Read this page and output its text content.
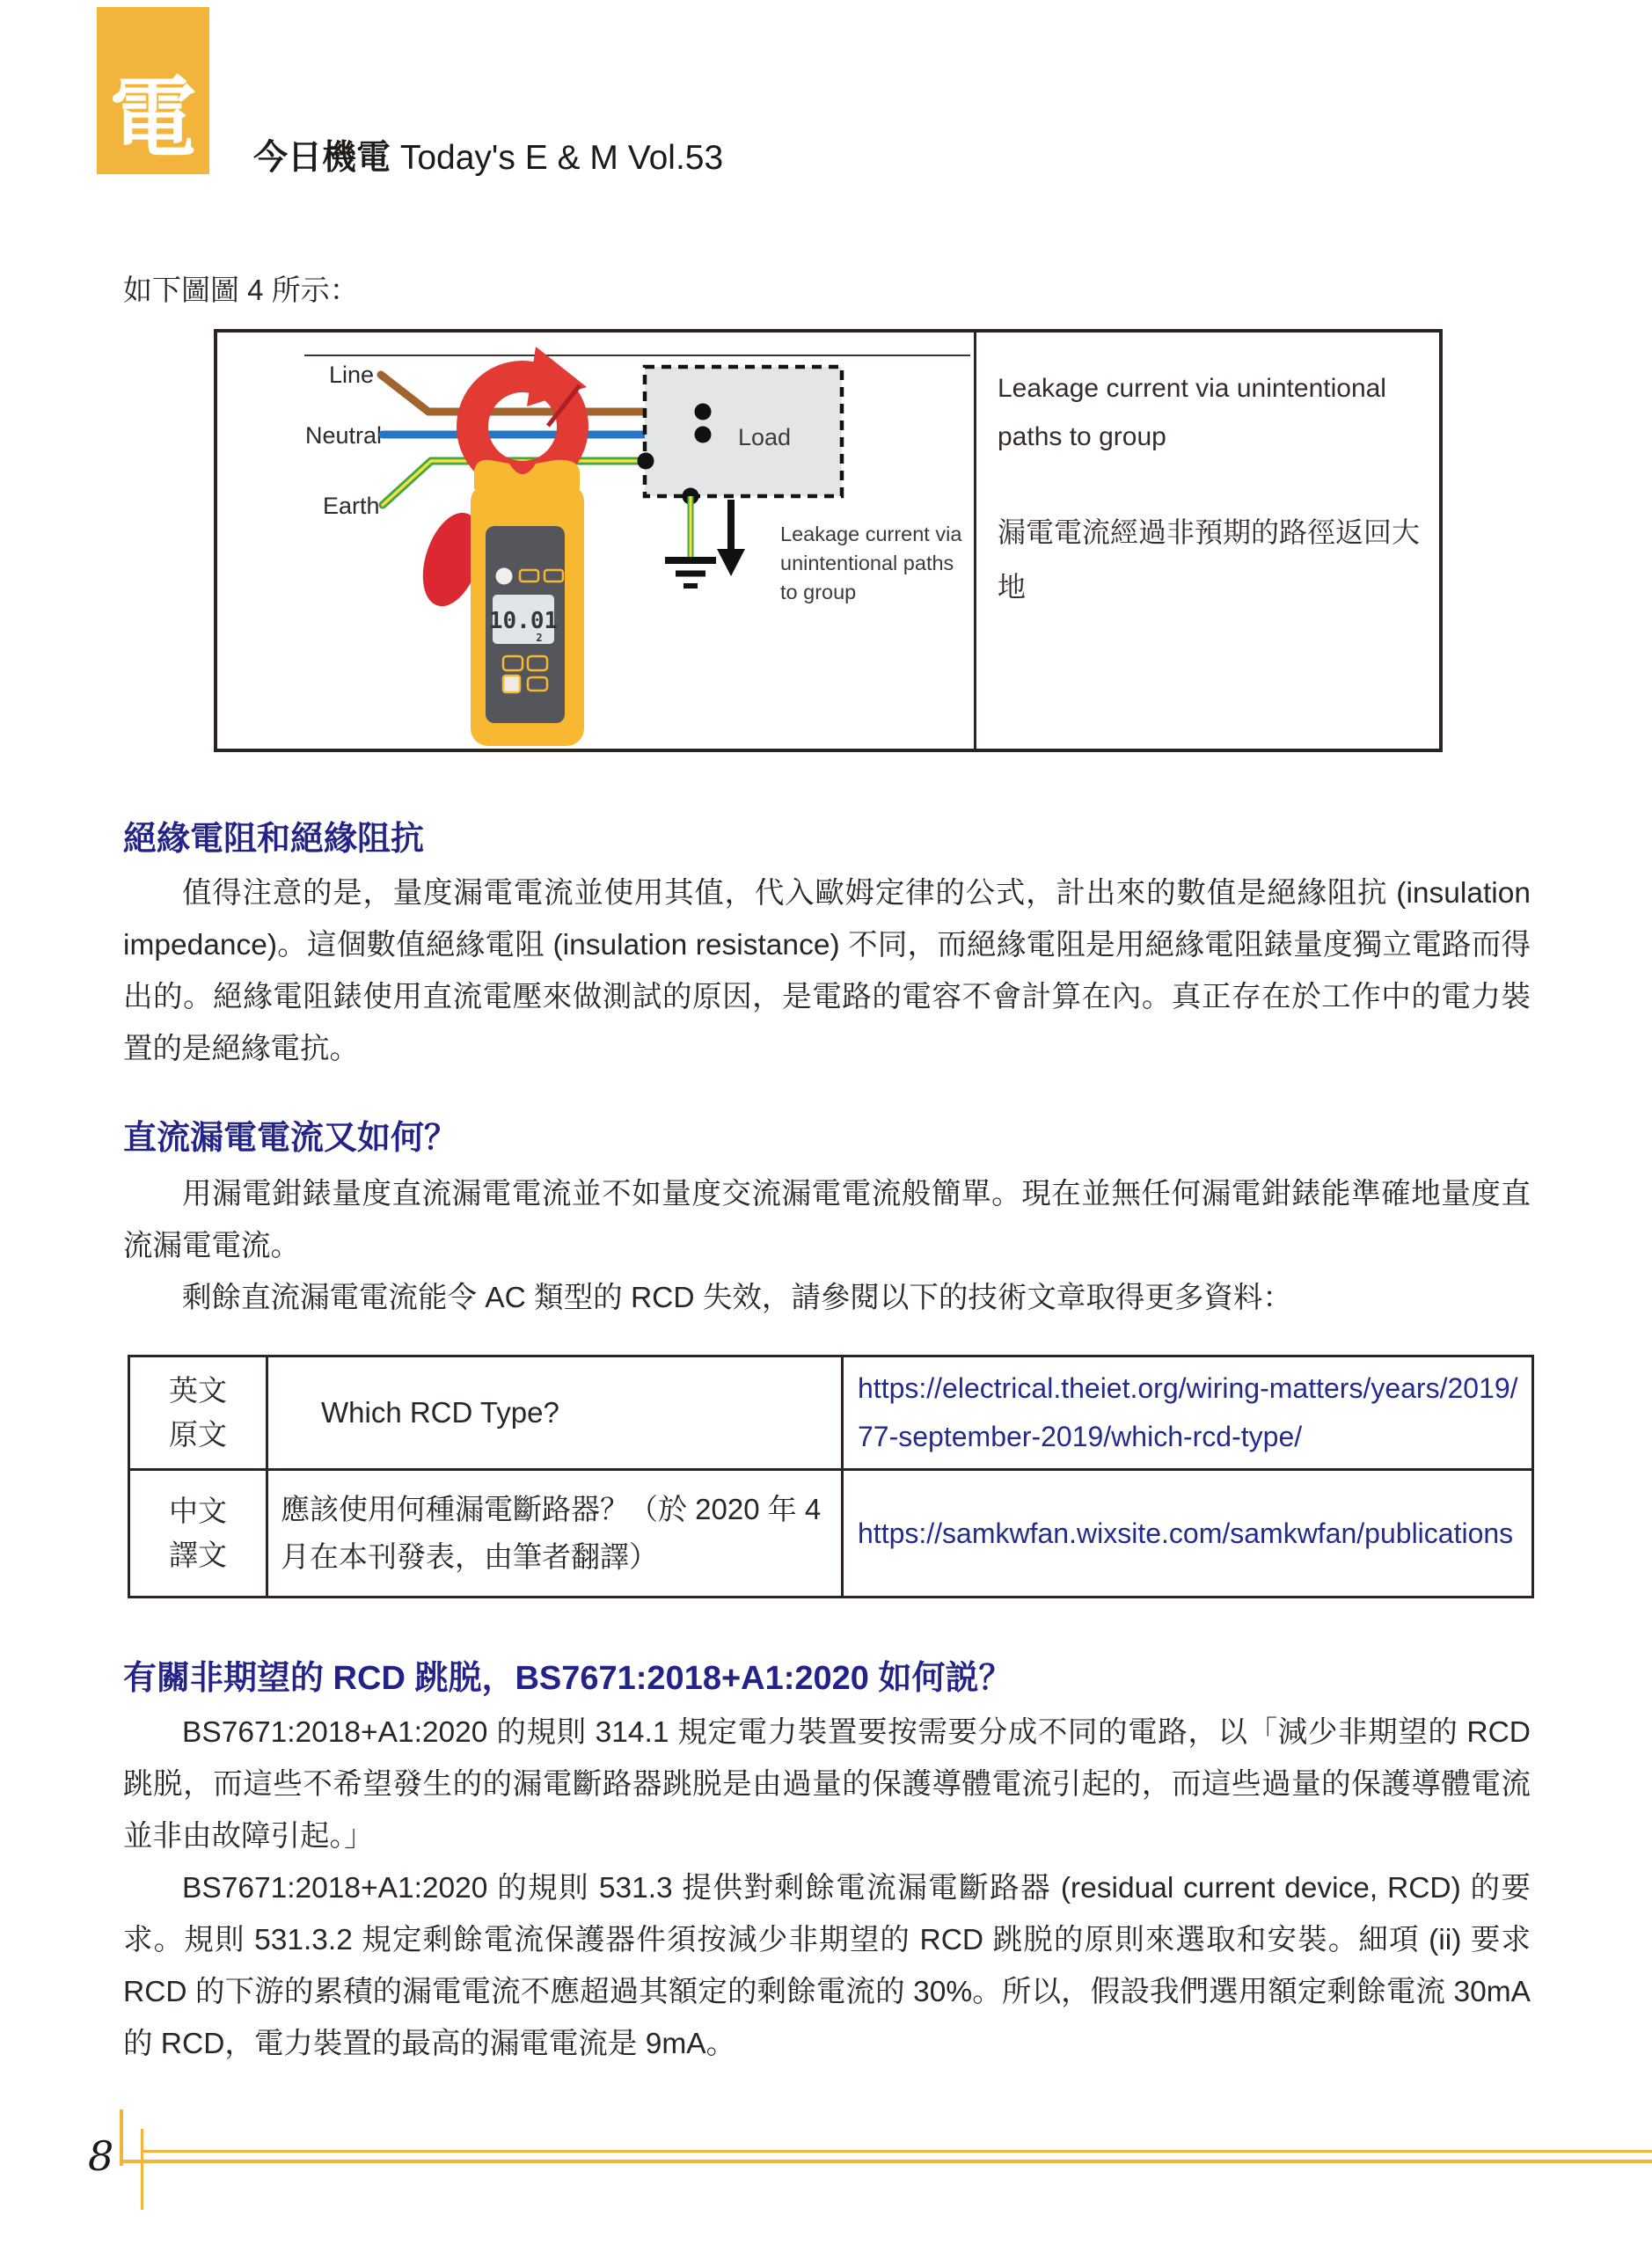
電 今日機電 Today's E & M Vol.53
如下圖圖 4 所示：
Line
Neutral
Earth
10.01
2
Load
Leakage current via
unintentional paths
to group
Leakage current via unintentional paths to group
漏電電流經過非預期的路徑返回大地
絕緣電阻和絕緣阻抗

值得注意的是，量度漏電電流並使用其值，代入歐姆定律的公式，計出來的數值是絕緣阻抗 (insulation impedance)。這個數值絕緣電阻 (insulation resistance) 不同，而絕緣電阻是用絕緣電阻錶量度獨立電路而得出的。絕緣電阻錶使用直流電壓來做測試的原因，是電路的電容不會計算在內。真正存在於工作中的電力裝置的是絕緣電抗。

直流漏電電流又如何？

用漏電鉗錶量度直流漏電電流並不如量度交流漏電電流般簡單。現在並無任何漏電鉗錶能準確地量度直流漏電電流。

剩餘直流漏電電流能令 AC 類型的 RCD 失效，請參閱以下的技術文章取得更多資料：

英文
原文	Which RCD Type?	https://electrical.theiet.org/wiring-matters/years/2019/77-september-2019/which-rcd-type/

中文
譯文	應該使用何種漏電斷路器？（於 2020 年 4 月在本刊發表，由筆者翻譯）	https://samkwfan.wixsite.com/samkwfan/publications
有關非期望的 RCD 跳脱，BS7671:2018+A1:2020 如何説？

BS7671:2018+A1:2020 的規則 314.1 規定電力裝置要按需要分成不同的電路，以「減少非期望的 RCD 跳脱，而這些不希望發生的的漏電斷路器跳脱是由過量的保護導體電流引起的，而這些過量的保護導體電流並非由故障引起。」

BS7671:2018+A1:2020 的規則 531.3 提供對剩餘電流漏電斷路器 (residual current device, RCD) 的要求。規則 531.3.2 規定剩餘電流保護器件須按減少非期望的 RCD 跳脱的原則來選取和安裝。細項 (ii) 要求 RCD 的下游的累積的漏電電流不應超過其額定的剩餘電流的 30%。所以，假設我們選用額定剩餘電流 30mA 的 RCD，電力裝置的最高的漏電電流是 9mA。

8
